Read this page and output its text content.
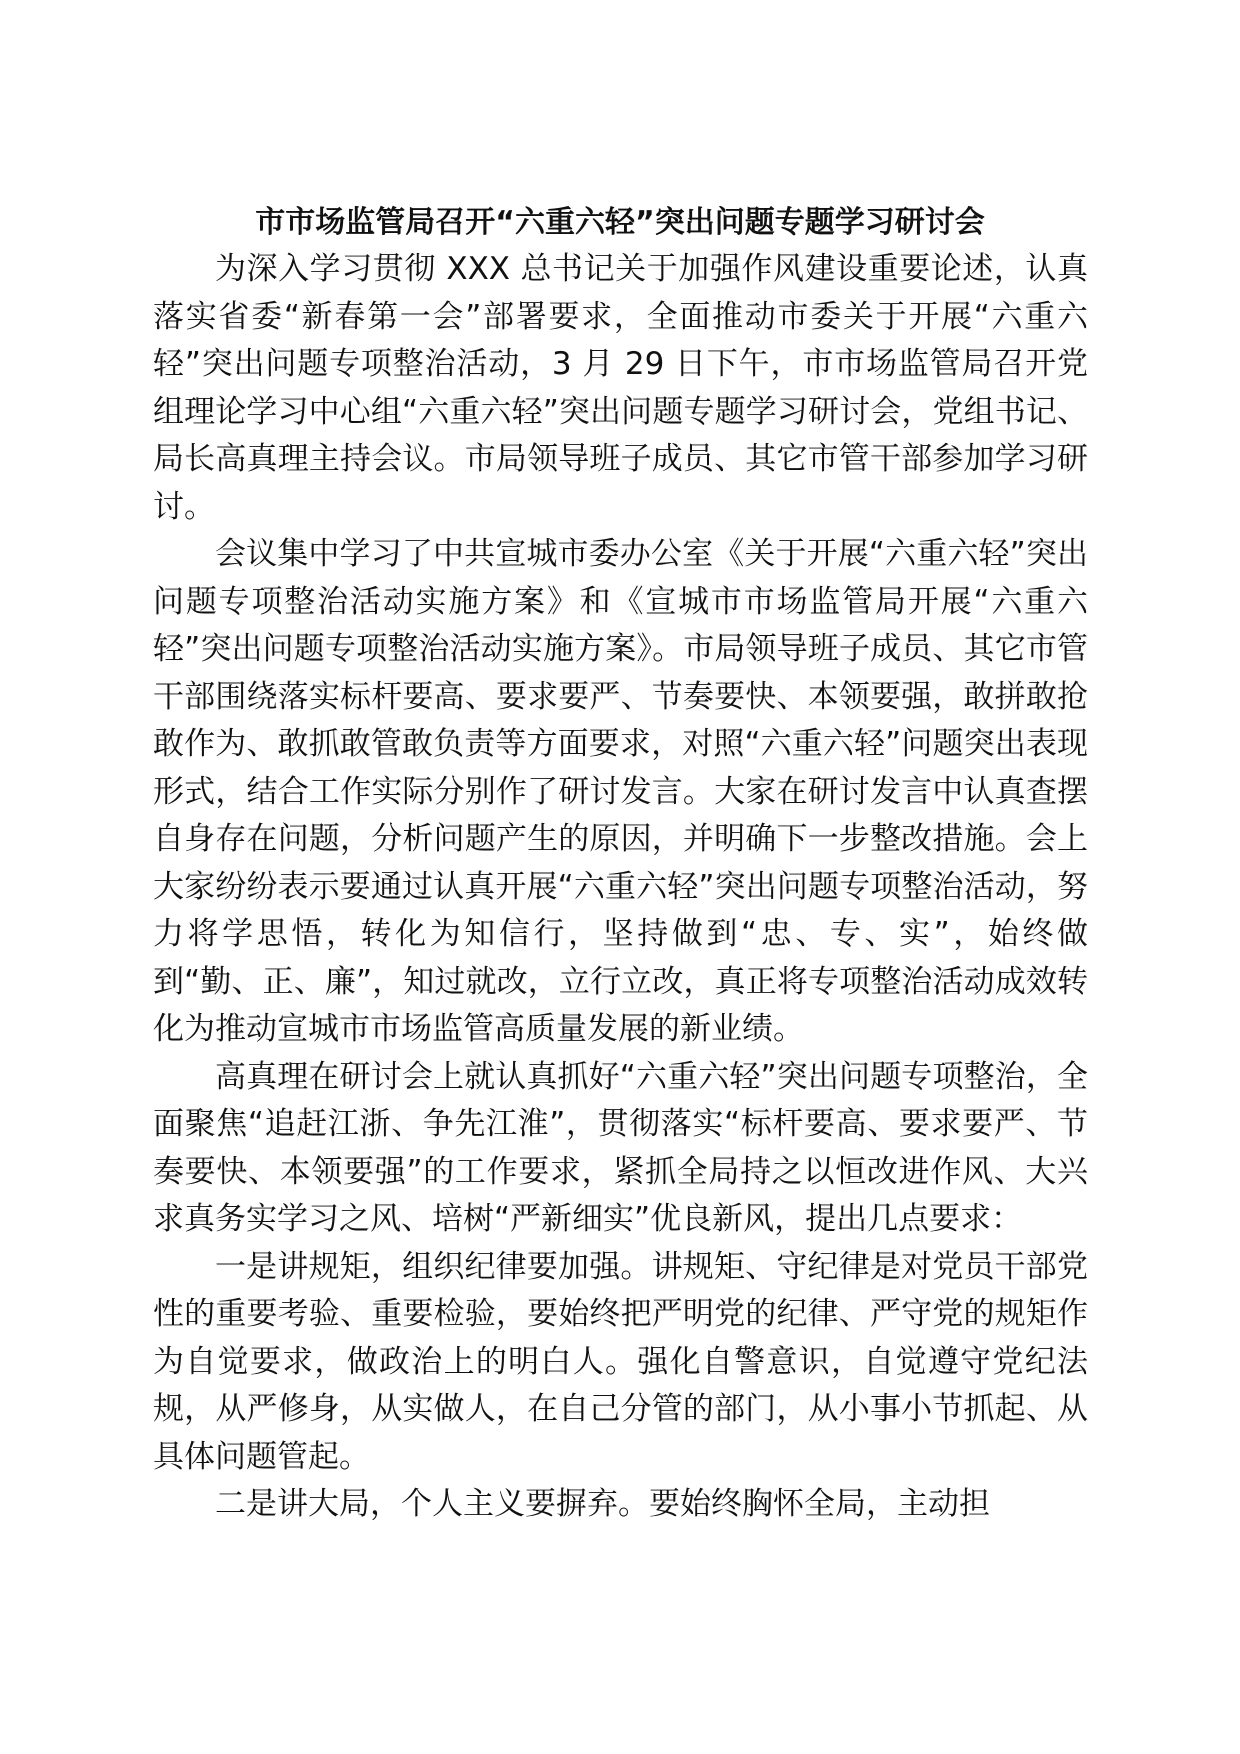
市市场监管局召开“六重六轻”突出问题专题学习研讨会

为深入学习贯彻 XXX 总书记关于加强作风建设重要论述，认真落实省委“新春第一会”部署要求，全面推动市委关于开展“六重六轻”突出问题专项整治活动，3 月 29 日下午，市市场监管局召开党组理论学习中心组“六重六轻”突出问题专题学习研讨会，党组书记、局长高真理主持会议。市局领导班子成员、其它市管干部参加学习研讨。

会议集中学习了中共宣城市委办公室《关于开展“六重六轻”突出问题专项整治活动实施方案》和《宣城市市场监管局开展“六重六轻”突出问题专项整治活动实施方案》。市局领导班子成员、其它市管干部围绕落实标杆要高、要求要严、节奏要快、本领要强，敢拼敢抢敢作为、敢抓敢管敢负责等方面要求，对照“六重六轻”问题突出表现形式，结合工作实际分别作了研讨发言。大家在研讨发言中认真查摆自身存在问题，分析问题产生的原因，并明确下一步整改措施。会上大家纷纷表示要通过认真开展“六重六轻”突出问题专项整治活动，努力将学思悟，转化为知信行，坚持做到“忠、专、实”，始终做到“勤、正、廉”，知过就改，立行立改，真正将专项整治活动成效转化为推动宣城市市场监管高质量发展的新业绩。

高真理在研讨会上就认真抓好“六重六轻”突出问题专项整治，全面聚焦“追赶江浙、争先江淮”，贯彻落实“标杆要高、要求要严、节奏要快、本领要强”的工作要求，紧抓全局持之以恒改进作风、大兴求真务实学习之风、培树“严新细实”优良新风，提出几点要求：

一是讲规矩，组织纪律要加强。讲规矩、守纪律是对党员干部党性的重要考验、重要检验，要始终把严明党的纪律、严守党的规矩作为自觉要求，做政治上的明白人。强化自警意识，自觉遵守党纪法规，从严修身，从实做人，在自己分管的部门，从小事小节抓起、从具体问题管起。

二是讲大局，个人主义要摒弃。要始终胸怀全局，主动担
